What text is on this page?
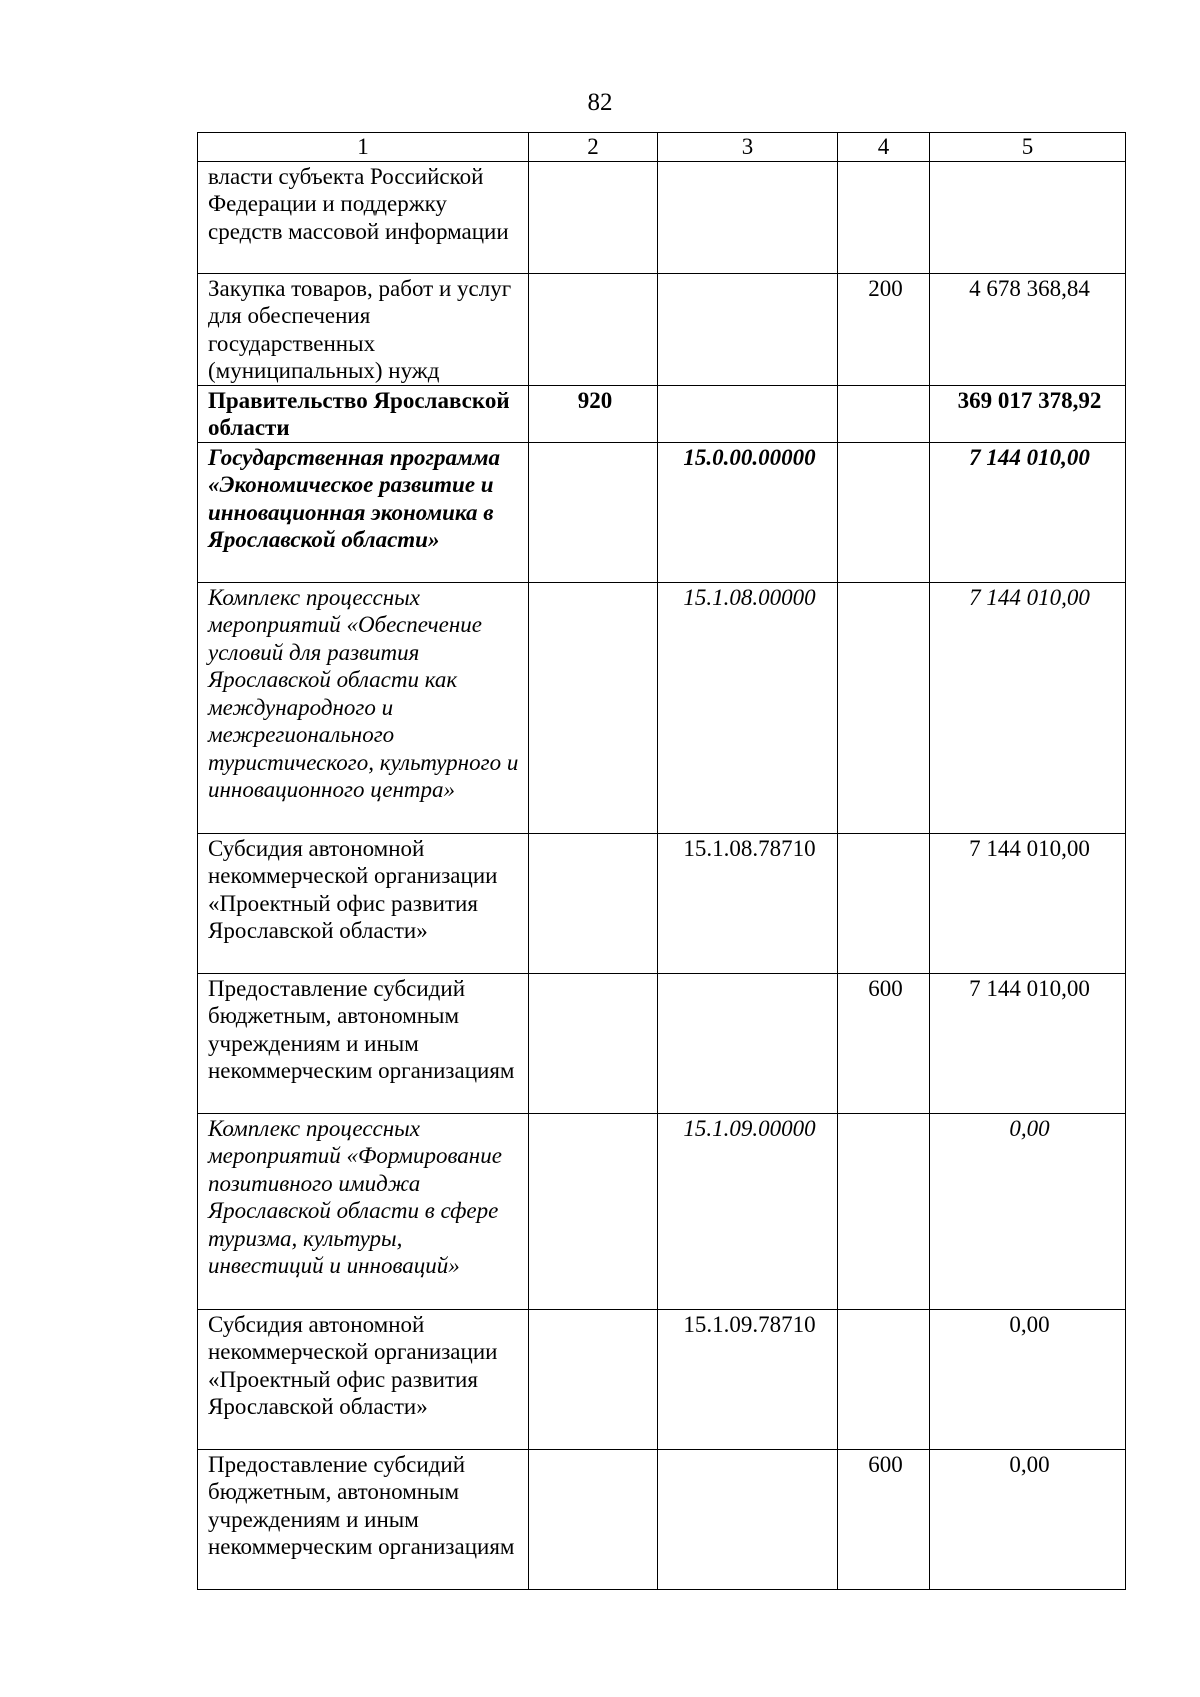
82
1	2	3	4	5
власти субъекта Российской Федерации и поддержку средств массовой информации				
Закупка товаров, работ и услуг для обеспечения государственных (муниципальных) нужд			200	4 678 368,84
Правительство Ярославской области	920			369 017 378,92
Государственная программа «Экономическое развитие и инновационная экономика в Ярославской области»		15.0.00.00000		7 144 010,00
Комплекс процессных мероприятий «Обеспечение условий для развития Ярославской области как международного и межрегионального туристического, культурного и инновационного центра»		15.1.08.00000		7 144 010,00
Субсидия автономной некоммерческой организации «Проектный офис развития Ярославской области»		15.1.08.78710		7 144 010,00
Предоставление субсидий бюджетным, автономным учреждениям и иным некоммерческим организациям			600	7 144 010,00
Комплекс процессных мероприятий «Формирование позитивного имиджа Ярославской области в сфере туризма, культуры, инвестиций и инноваций»		15.1.09.00000		0,00
Субсидия автономной некоммерческой организации «Проектный офис развития Ярославской области»		15.1.09.78710		0,00
Предоставление субсидий бюджетным, автономным учреждениям и иным некоммерческим организациям			600	0,00
